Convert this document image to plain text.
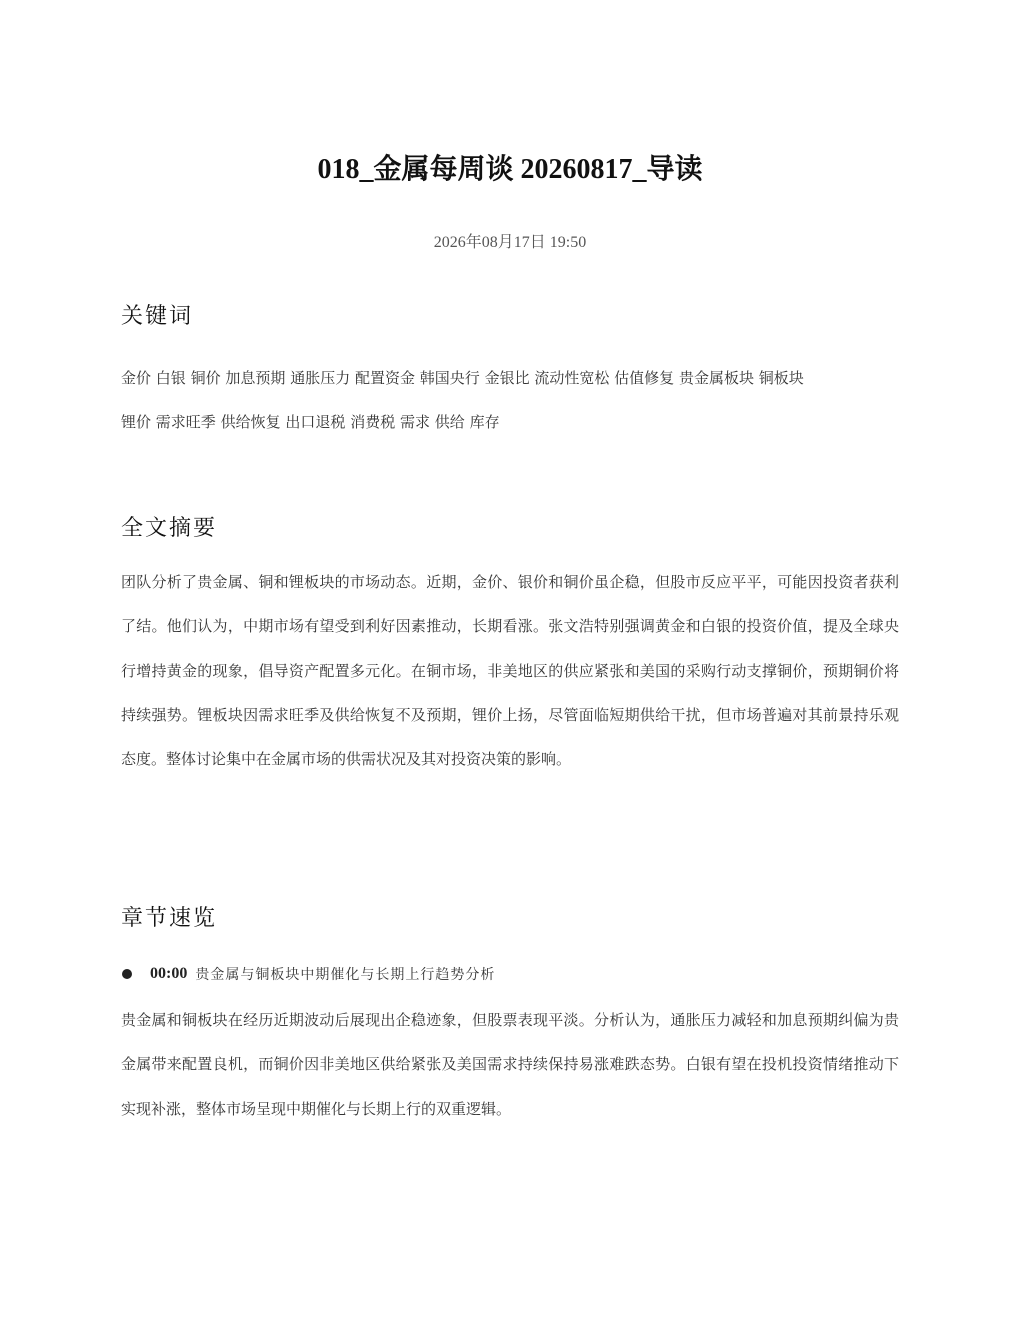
018_金属每周谈 20260817_导读
2026年08月17日 19:50
关键词
金价 白银 铜价 加息预期 通胀压力 配置资金 韩国央行 金银比 流动性宽松 估值修复 贵金属板块 铜板块
锂价 需求旺季 供给恢复 出口退税 消费税 需求 供给 库存
全文摘要

团队分析了贵金属、铜和锂板块的市场动态。近期，金价、银价和铜价虽企稳，但股市反应平平，可能因投资者获利了结。他们认为，中期市场有望受到利好因素推动，长期看涨。张文浩特别强调黄金和白银的投资价值，提及全球央行增持黄金的现象，倡导资产配置多元化。在铜市场，非美地区的供应紧张和美国的采购行动支撑铜价，预期铜价将持续强势。锂板块因需求旺季及供给恢复不及预期，锂价上扬，尽管面临短期供给干扰，但市场普遍对其前景持乐观态度。整体讨论集中在金属市场的供需状况及其对投资决策的影响。

章节速览
00:00 贵金属与铜板块中期催化与长期上行趋势分析

贵金属和铜板块在经历近期波动后展现出企稳迹象，但股票表现平淡。分析认为，通胀压力减轻和加息预期纠偏为贵金属带来配置良机，而铜价因非美地区供给紧张及美国需求持续保持易涨难跌态势。白银有望在投机投资情绪推动下实现补涨，整体市场呈现中期催化与长期上行的双重逻辑。
